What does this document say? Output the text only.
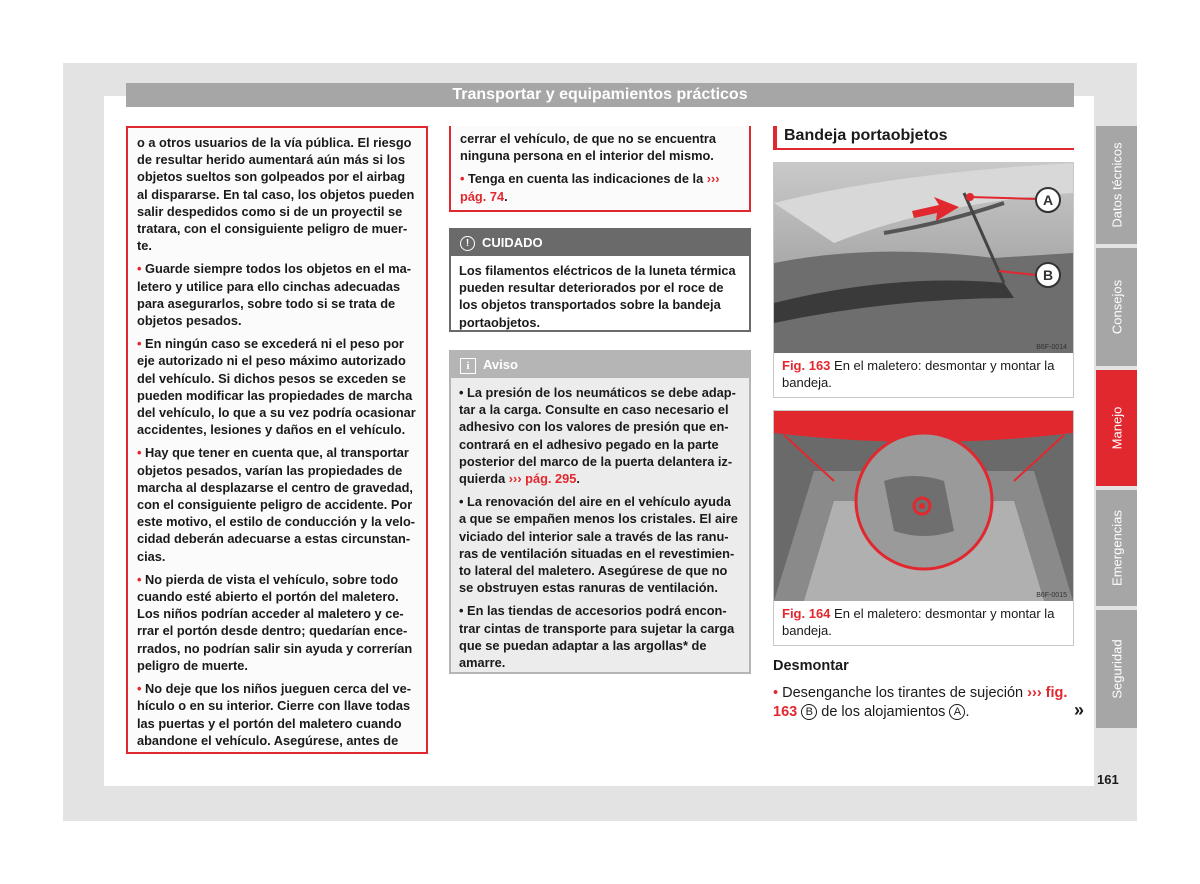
Transportar y equipamientos prácticos

o a otros usuarios de la vía pública. El riesgo de resultar herido aumentará aún más si los objetos sueltos son golpeados por el airbag al dispararse. En tal caso, los objetos pueden salir despedidos como si de un proyectil se tratara, con el consiguiente peligro de muer-te.

• Guarde siempre todos los objetos en el ma-letero y utilice para ello cinchas adecuadas para asegurarlos, sobre todo si se trata de objetos pesados.

• En ningún caso se excederá ni el peso por eje autorizado ni el peso máximo autorizado del vehículo. Si dichos pesos se exceden se pueden modificar las propiedades de marcha del vehículo, lo que a su vez podría ocasionar accidentes, lesiones y daños en el vehículo.

• Hay que tener en cuenta que, al transportar objetos pesados, varían las propiedades de marcha al desplazarse el centro de gravedad, con el consiguiente peligro de accidente. Por este motivo, el estilo de conducción y la velo-cidad deberán adecuarse a estas circunstan-cias.

• No pierda de vista el vehículo, sobre todo cuando esté abierto el portón del maletero. Los niños podrían acceder al maletero y ce-rrar el portón desde dentro; quedarían ence-rrados, no podrían salir sin ayuda y correrían peligro de muerte.

• No deje que los niños jueguen cerca del ve-hículo o en su interior. Cierre con llave todas las puertas y el portón del maletero cuando abandone el vehículo. Asegúrese, antes de

cerrar el vehículo, de que no se encuentra ninguna persona en el interior del mismo.

• Tenga en cuenta las indicaciones de la ››› pág. 74.

! CUIDADO
Los filamentos eléctricos de la luneta térmica pueden resultar deteriorados por el roce de los objetos transportados sobre la bandeja portaobjetos.
i Aviso

• La presión de los neumáticos se debe adap-tar a la carga. Consulte en caso necesario el adhesivo con los valores de presión que en-contrará en el adhesivo pegado en la parte posterior del marco de la puerta delantera iz-quierda ››› pág. 295.

• La renovación del aire en el vehículo ayuda a que se empañen menos los cristales. El aire viciado del interior sale a través de las ranu-ras de ventilación situadas en el revestimien-to lateral del maletero. Asegúrese de que no se obstruyen estas ranuras de ventilación.

• En las tiendas de accesorios podrá encon-trar cintas de transporte para sujetar la carga que se puedan adaptar a las argollas* de amarre.

Bandeja portaobjetos
A
B
B6F-0014
Fig. 163 En el maletero: desmontar y montar la bandeja.
B6F-0015
Fig. 164 En el maletero: desmontar y montar la bandeja.
Desmontar
• Desenganche los tirantes de sujeción ››› fig. 163 B de los alojamientos A .	»
Datos técnicos
Consejos
Manejo
Emergencias
Seguridad
161
